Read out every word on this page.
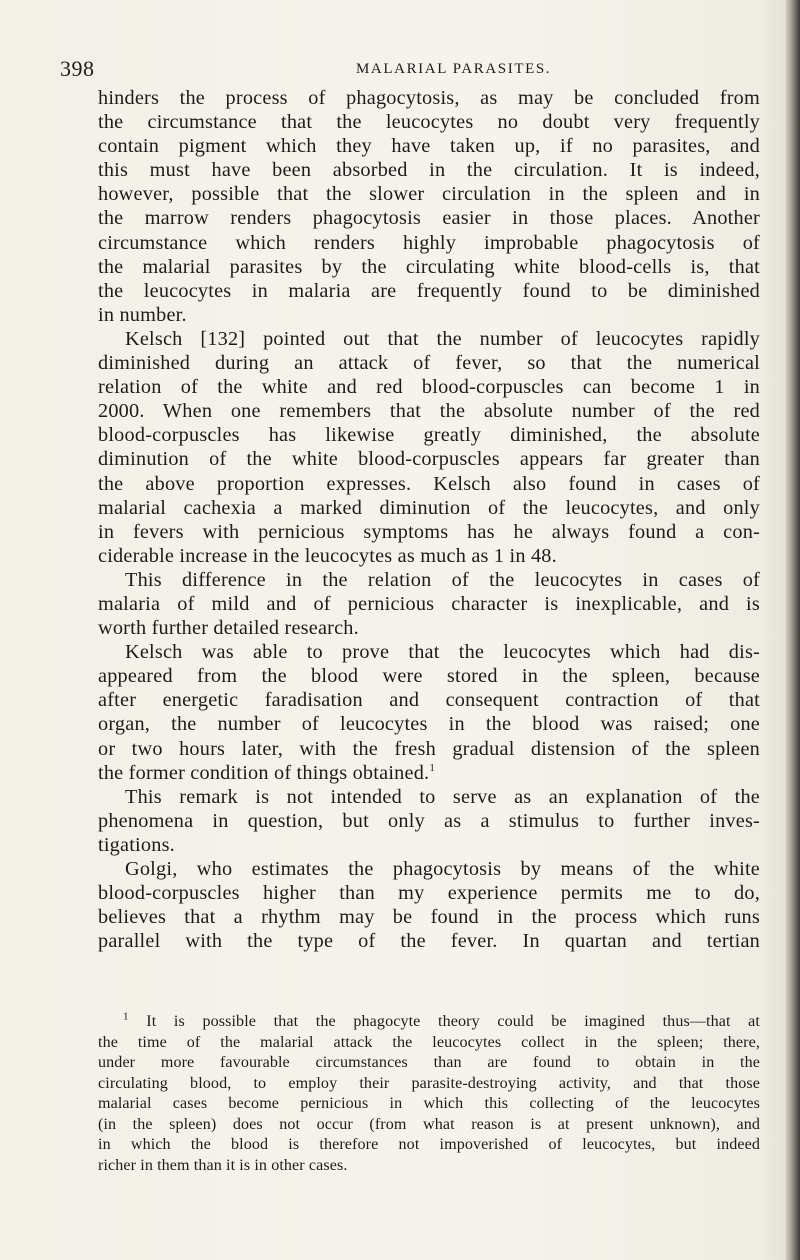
398	MALARIAL PARASITES.
hinders the process of phagocytosis, as may be concluded from
the circumstance that the leucocytes no doubt very frequently
contain pigment which they have taken up, if no parasites, and
this must have been absorbed in the circulation. It is indeed,
however, possible that the slower circulation in the spleen and in
the marrow renders phagocytosis easier in those places. Another
circumstance which renders highly improbable phagocytosis of
the malarial parasites by the circulating white blood-cells is, that
the leucocytes in malaria are frequently found to be diminished
in number.
Kelsch [132] pointed out that the number of leucocytes rapidly
diminished during an attack of fever, so that the numerical
relation of the white and red blood-corpuscles can become 1 in
2000. When one remembers that the absolute number of the red
blood-corpuscles has likewise greatly diminished, the absolute
diminution of the white blood-corpuscles appears far greater than
the above proportion expresses. Kelsch also found in cases of
malarial cachexia a marked diminution of the leucocytes, and only
in fevers with pernicious symptoms has he always found a con-
ciderable increase in the leucocytes as much as 1 in 48.
This difference in the relation of the leucocytes in cases of
malaria of mild and of pernicious character is inexplicable, and is
worth further detailed research.
Kelsch was able to prove that the leucocytes which had dis-
appeared from the blood were stored in the spleen, because
after energetic faradisation and consequent contraction of that
organ, the number of leucocytes in the blood was raised; one
or two hours later, with the fresh gradual distension of the spleen
the former condition of things obtained.$^1$
This remark is not intended to serve as an explanation of the
phenomena in question, but only as a stimulus to further inves-
tigations.
Golgi, who estimates the phagocytosis by means of the white
blood-corpuscles higher than my experience permits me to do,
believes that a rhythm may be found in the process which runs
parallel with the type of the fever. In quartan and tertian
$^1$ It is possible that the phagocyte theory could be imagined thus—that at
the time of the malarial attack the leucocytes collect in the spleen; there,
under more favourable circumstances than are found to obtain in the
circulating blood, to employ their parasite-destroying activity, and that those
malarial cases become pernicious in which this collecting of the leucocytes
(in the spleen) does not occur (from what reason is at present unknown), and
in which the blood is therefore not impoverished of leucocytes, but indeed
richer in them than it is in other cases.
